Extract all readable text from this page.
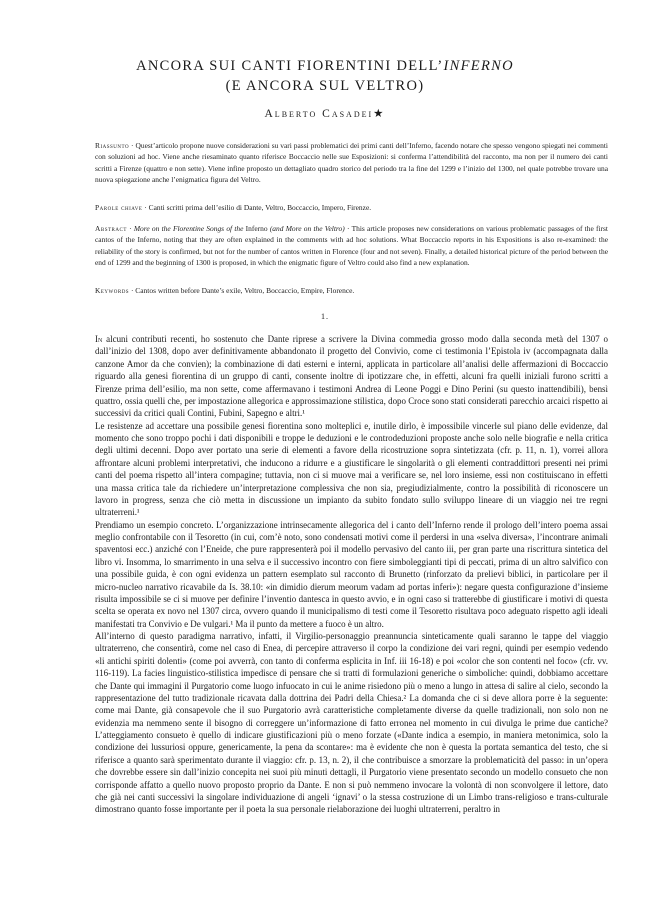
ANCORA SUI CANTI FIORENTINI DELL’INFERNO
(E ANCORA SUL VELTRO)
Alberto Casadei★
Riassunto · Quest’articolo propone nuove considerazioni su vari passi problematici dei primi canti dell’Inferno, facendo notare che spesso vengono spiegati nei commenti con soluzioni ad hoc. Viene anche riesaminato quanto riferisce Boccaccio nelle sue Esposizioni: si conferma l’attendibilità del racconto, ma non per il numero dei canti scritti a Firenze (quattro e non sette). Viene infine proposto un dettagliato quadro storico del periodo tra la fine del 1299 e l’inizio del 1300, nel quale potrebbe trovare una nuova spiegazione anche l’enigmatica figura del Veltro.
Parole chiave · Canti scritti prima dell’esilio di Dante, Veltro, Boccaccio, Impero, Firenze.
Abstract · More on the Florentine Songs of the Inferno (and More on the Veltro) · This article proposes new considerations on various problematic passages of the first cantos of the Inferno, noting that they are often explained in the comments with ad hoc solutions. What Boccaccio reports in his Expositions is also re-examined: the reliability of the story is confirmed, but not for the number of cantos written in Florence (four and not seven). Finally, a detailed historical picture of the period between the end of 1299 and the beginning of 1300 is proposed, in which the enigmatic figure of Veltro could also find a new explanation.
Keywords · Cantos written before Dante’s exile, Veltro, Boccaccio, Empire, Florence.
1.

In alcuni contributi recenti, ho sostenuto che Dante riprese a scrivere la Divina commedia grosso modo dalla seconda metà del 1307 o dall’inizio del 1308, dopo aver definitivamente abbandonato il progetto del Convivio, come ci testimonia l’Epistola iv (accompagnata dalla canzone Amor da che convien); la combinazione di dati esterni e interni, applicata in particolare all’analisi delle affermazioni di Boccaccio riguardo alla genesi fiorentina di un gruppo di canti, consente inoltre di ipotizzare che, in effetti, alcuni fra quelli iniziali furono scritti a Firenze prima dell’esilio, ma non sette, come affermavano i testimoni Andrea di Leone Poggi e Dino Perini (su questo inattendibili), bensì quattro, ossia quelli che, per impostazione allegorica e approssimazione stilistica, dopo Croce sono stati considerati parecchio arcaici rispetto ai successivi da critici quali Contini, Fubini, Sapegno e altri.¹

Le resistenze ad accettare una possibile genesi fiorentina sono molteplici e, inutile dirlo, è impossibile vincerle sul piano delle evidenze, dal momento che sono troppo pochi i dati disponibili e troppe le deduzioni e le controdeduzioni proposte anche solo nelle biografie e nella critica degli ultimi decenni. Dopo aver portato una serie di elementi a favore della ricostruzione sopra sintetizzata (cfr. p. 11, n. 1), vorrei allora affrontare alcuni problemi interpretativi, che inducono a ridurre e a giustificare le singolarità o gli elementi contraddittori presenti nei primi canti del poema rispetto all’intera compagine; tuttavia, non ci si muove mai a verificare se, nel loro insieme, essi non costituiscano in effetti una massa critica tale da richiedere un’interpretazione complessiva che non sia, pregiudizialmente, contro la possibilità di riconoscere un lavoro in progress, senza che ciò metta in discussione un impianto da subito fondato sullo sviluppo lineare di un viaggio nei tre regni ultraterreni.¹

Prendiamo un esempio concreto. L’organizzazione intrinsecamente allegorica del i canto dell’Inferno rende il prologo dell’intero poema assai meglio confrontabile con il Tesoretto (in cui, com’è noto, sono condensati motivi come il perdersi in una «selva diversa», l’incontrare animali spaventosi ecc.) anziché con l’Eneide, che pure rappresenterà poi il modello pervasivo del canto iii, per gran parte una riscrittura sintetica del libro vi. Insomma, lo smarrimento in una selva e il successivo incontro con fiere simboleggianti tipi di peccati, prima di un altro salvifico con una possibile guida, è con ogni evidenza un pattern esemplato sul racconto di Brunetto (rinforzato da prelievi biblici, in particolare per il micro-nucleo narrativo ricavabile da Is. 38.10: «in dimidio dierum meorum vadam ad portas inferi»): negare questa configurazione d’insieme risulta impossibile se ci si muove per definire l’inventio dantesca in questo avvio, e in ogni caso si tratterebbe di giustificare i motivi di questa scelta se operata ex novo nel 1307 circa, ovvero quando il municipalismo di testi come il Tesoretto risultava poco adeguato rispetto agli ideali manifestati tra Convivio e De vulgari.¹ Ma il punto da mettere a fuoco è un altro.

All’interno di questo paradigma narrativo, infatti, il Virgilio-personaggio preannuncia sinteticamente quali saranno le tappe del viaggio ultraterreno, che consentirà, come nel caso di Enea, di percepire attraverso il corpo la condizione dei vari regni, quindi per esempio vedendo «li antichi spiriti dolenti» (come poi avverrà, con tanto di conferma esplicita in Inf. iii 16-18) e poi «color che son contenti nel foco» (cfr. vv. 116-119). La facies linguistico-stilistica impedisce di pensare che si tratti di formulazioni generiche o simboliche: quindi, dobbiamo accettare che Dante qui immagini il Purgatorio come luogo infuocato in cui le anime risiedono più o meno a lungo in attesa di salire al cielo, secondo la rappresentazione del tutto tradizionale ricavata dalla dottrina dei Padri della Chiesa.² La domanda che ci si deve allora porre è la seguente: come mai Dante, già consapevole che il suo Purgatorio avrà caratteristiche completamente diverse da quelle tradizionali, non solo non ne evidenzia ma nemmeno sente il bisogno di correggere un’informazione di fatto erronea nel momento in cui divulga le prime due cantiche? L’atteggiamento consueto è quello di indicare giustificazioni più o meno forzate («Dante indica a esempio, in maniera metonimica, solo la condizione dei lussuriosi oppure, genericamente, la pena da scontare»: ma è evidente che non è questa la portata semantica del testo, che si riferisce a quanto sarà sperimentato durante il viaggio: cfr. p. 13, n. 2), il che contribuisce a smorzare la problematicità del passo: in un’opera che dovrebbe essere sin dall’inizio concepita nei suoi più minuti dettagli, il Purgatorio viene presentato secondo un modello consueto che non corrisponde affatto a quello nuovo proposto proprio da Dante. E non si può nemmeno invocare la volontà di non sconvolgere il lettore, dato che già nei canti successivi la singolare individuazione di angeli ‘ignavi’ o la stessa costruzione di un Limbo trans-religioso e trans-culturale dimostrano quanto fosse importante per il poeta la sua personale rielaborazione dei luoghi ultraterreni, peraltro in
